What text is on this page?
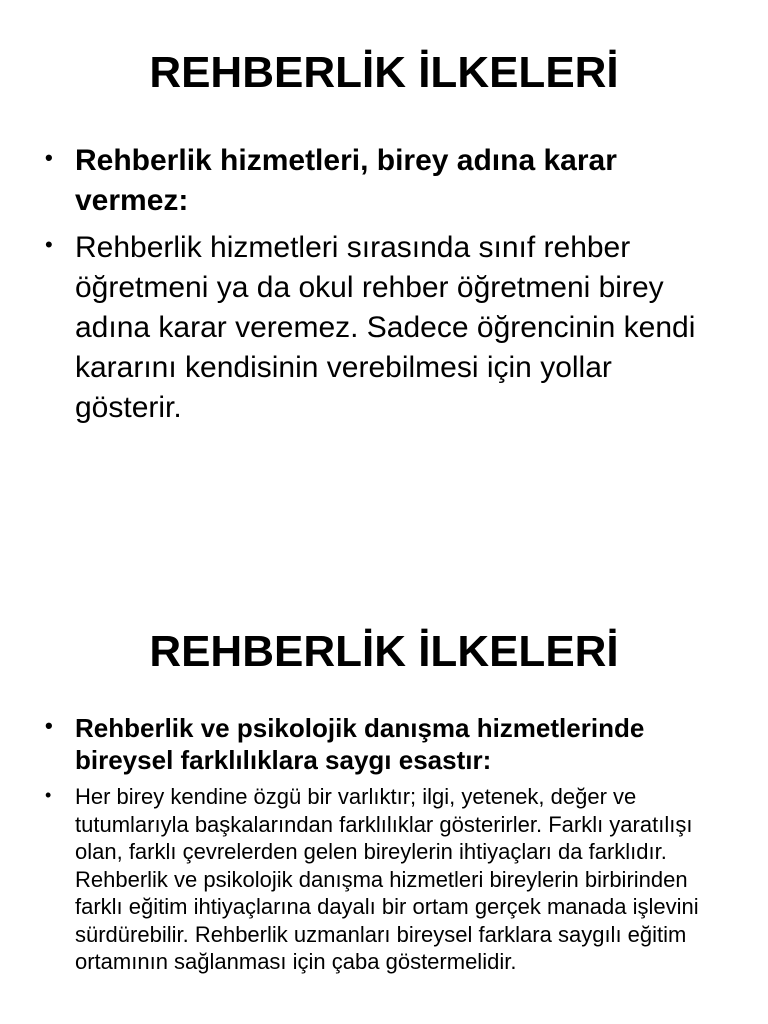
REHBERLİK İLKELERİ
• Rehberlik hizmetleri, birey adına karar vermez:
• Rehberlik hizmetleri sırasında sınıf rehber öğretmeni ya da okul rehber öğretmeni birey adına karar veremez. Sadece öğrencinin kendi kararını kendisinin verebilmesi için yollar gösterir.
REHBERLİK İLKELERİ
• Rehberlik ve psikolojik danışma hizmetlerinde bireysel farklılıklara saygı esastır:
• Her birey kendine özgü bir varlıktır; ilgi, yetenek, değer ve tutumlarıyla başkalarından farklılıklar gösterirler. Farklı yaratılışı olan, farklı çevrelerden gelen bireylerin ihtiyaçları da farklıdır. Rehberlik ve psikolojik danışma hizmetleri bireylerin birbirinden farklı eğitim ihtiyaçlarına dayalı bir ortam gerçek manada işlevini sürdürebilir. Rehberlik uzmanları bireysel farklara saygılı eğitim ortamının sağlanması için çaba göstermelidir.
